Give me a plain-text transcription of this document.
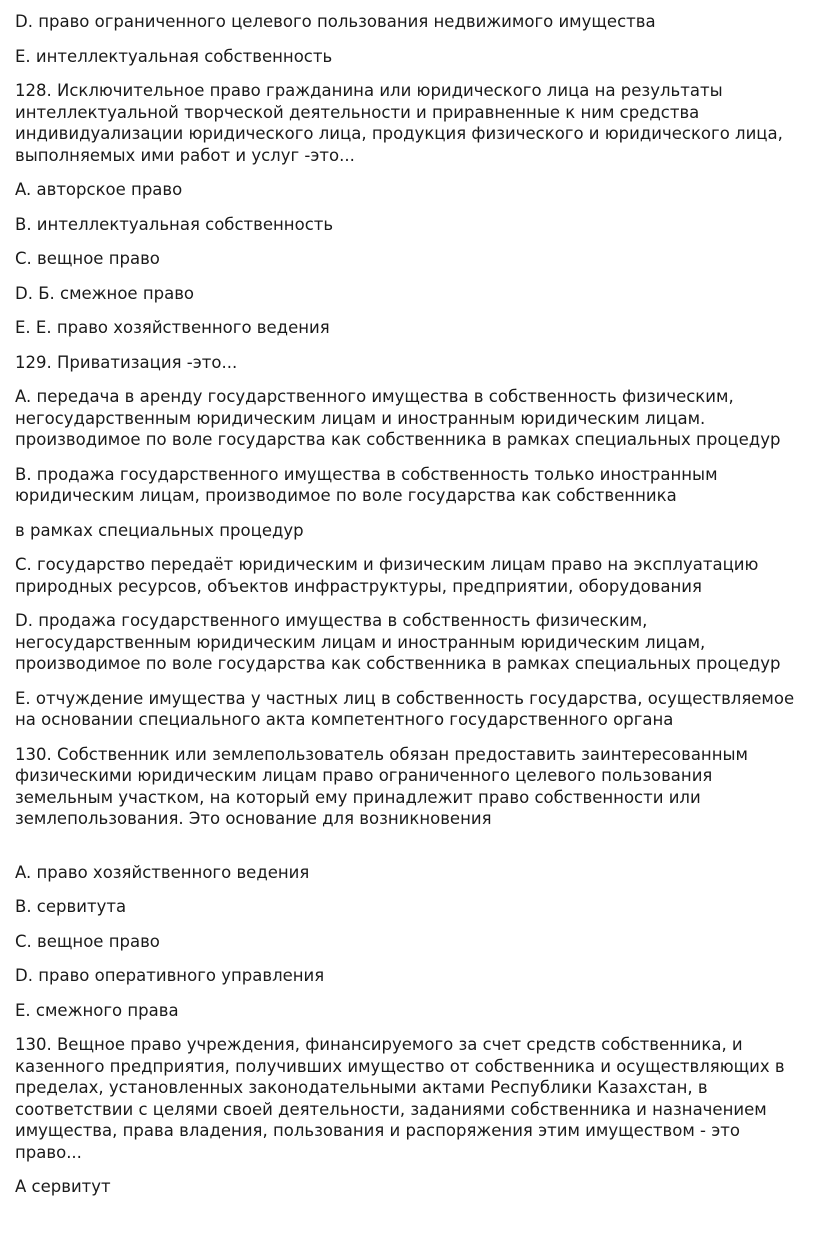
D. право ограниченного целевого пользования недвижимого имущества

E. интеллектуальная собственность

128. Исключительное право гражданина или юридического лица на результаты интеллектуальной творческой деятельности и приравненные к ним средства индивидуализации юридического лица, продукция физического и юридического лица, выполняемых ими работ и услуг -это...

A. авторское право

B. интеллектуальная собственность

C. вещное право

D. Б. смежное право

E. Е. право хозяйственного ведения

129. Приватизация -это...

A. передача в аренду государственного имущества в собственность физическим, негосударственным юридическим лицам и иностранным юридическим лицам. производимое по воле государства как собственника в рамках специальных процедур

B. продажа государственного имущества в собственность только иностранным юридическим лицам, производимое по воле государства как собственника

в рамках специальных процедур

C. государство передаёт юридическим и физическим лицам право на эксплуатацию природных ресурсов, объектов инфраструктуры, предприятии, оборудования

D. продажа государственного имущества в собственность физическим, негосударственным юридическим лицам и иностранным юридическим лицам, производимое по воле государства как собственника в рамках специальных процедур

E. отчуждение имущества у частных лиц в собственность государства, осуществляемое на основании специального акта компетентного государственного органа

130. Собственник или землепользователь обязан предоставить заинтересованным физическими юридическим лицам право ограниченного целевого пользования земельным участком, на который ему принадлежит право собственности или землепользования. Это основание для возникновения

A. право хозяйственного ведения

B. сервитута

C. вещное право

D. право оперативного управления

E. смежного права

130. Вещное право учреждения, финансируемого за счет средств собственника, и казенного предприятия, получивших имущество от собственника и осуществляющих в пределах, установленных законодательными актами Республики Казахстан, в соответствии с целями своей деятельности, заданиями собственника и назначением имущества, права владения, пользования и распоряжения этим имуществом - это право...

A сервитут
